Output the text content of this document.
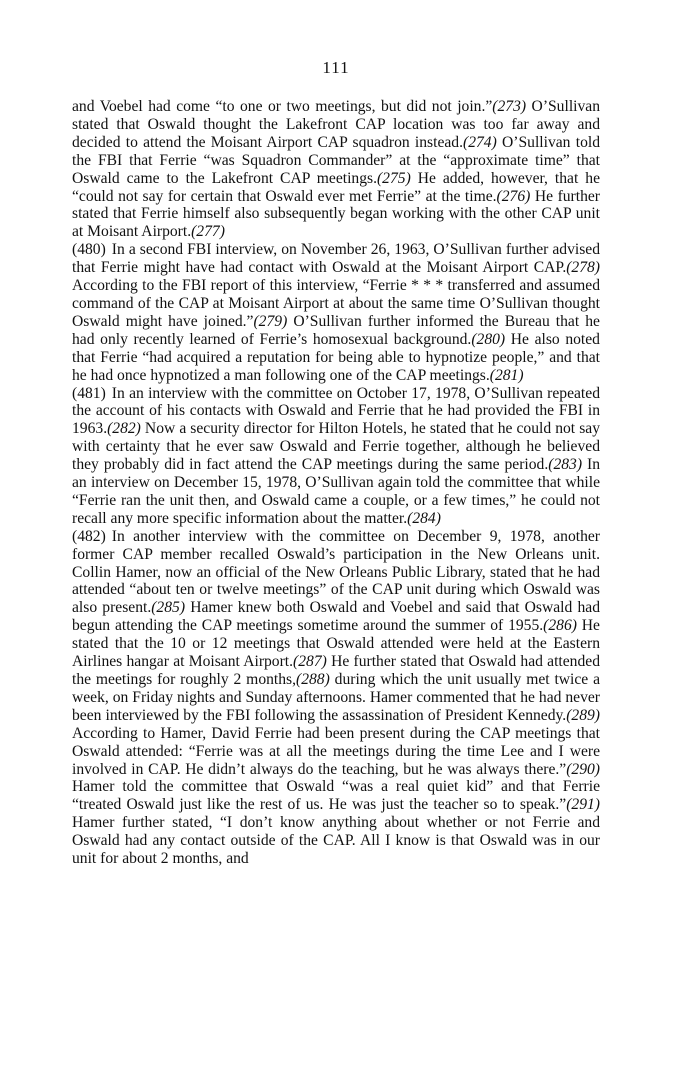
111

and Voebel had come “to one or two meetings, but did not join.”(273) O’Sullivan stated that Oswald thought the Lakefront CAP location was too far away and decided to attend the Moisant Airport CAP squadron instead.(274) O’Sullivan told the FBI that Ferrie “was Squadron Commander” at the “approximate time” that Oswald came to the Lakefront CAP meetings.(275) He added, however, that he “could not say for certain that Oswald ever met Ferrie” at the time.(276) He further stated that Ferrie himself also subsequently began working with the other CAP unit at Moisant Airport.(277)

(480) In a second FBI interview, on November 26, 1963, O’Sullivan further advised that Ferrie might have had contact with Oswald at the Moisant Airport CAP.(278) According to the FBI report of this interview, “Ferrie * * * transferred and assumed command of the CAP at Moisant Airport at about the same time O’Sullivan thought Oswald might have joined.”(279) O’Sullivan further informed the Bureau that he had only recently learned of Ferrie’s homosexual background.(280) He also noted that Ferrie “had acquired a reputation for being able to hypnotize people,” and that he had once hypnotized a man following one of the CAP meetings.(281)

(481) In an interview with the committee on October 17, 1978, O’Sullivan repeated the account of his contacts with Oswald and Ferrie that he had provided the FBI in 1963.(282) Now a security director for Hilton Hotels, he stated that he could not say with certainty that he ever saw Oswald and Ferrie together, although he believed they probably did in fact attend the CAP meetings during the same period.(283) In an interview on December 15, 1978, O’Sullivan again told the committee that while “Ferrie ran the unit then, and Oswald came a couple, or a few times,” he could not recall any more specific information about the matter.(284)

(482) In another interview with the committee on December 9, 1978, another former CAP member recalled Oswald’s participation in the New Orleans unit. Collin Hamer, now an official of the New Orleans Public Library, stated that he had attended “about ten or twelve meetings” of the CAP unit during which Oswald was also present.(285) Hamer knew both Oswald and Voebel and said that Oswald had begun attending the CAP meetings sometime around the summer of 1955.(286) He stated that the 10 or 12 meetings that Oswald attended were held at the Eastern Airlines hangar at Moisant Airport.(287) He further stated that Oswald had attended the meetings for roughly 2 months,(288) during which the unit usually met twice a week, on Friday nights and Sunday afternoons. Hamer commented that he had never been interviewed by the FBI following the assassination of President Kennedy.(289) According to Hamer, David Ferrie had been present during the CAP meetings that Oswald attended: “Ferrie was at all the meetings during the time Lee and I were involved in CAP. He didn’t always do the teaching, but he was always there.”(290) Hamer told the committee that Oswald “was a real quiet kid” and that Ferrie “treated Oswald just like the rest of us. He was just the teacher so to speak.”(291) Hamer further stated, “I don’t know anything about whether or not Ferrie and Oswald had any contact outside of the CAP. All I know is that Oswald was in our unit for about 2 months, and
